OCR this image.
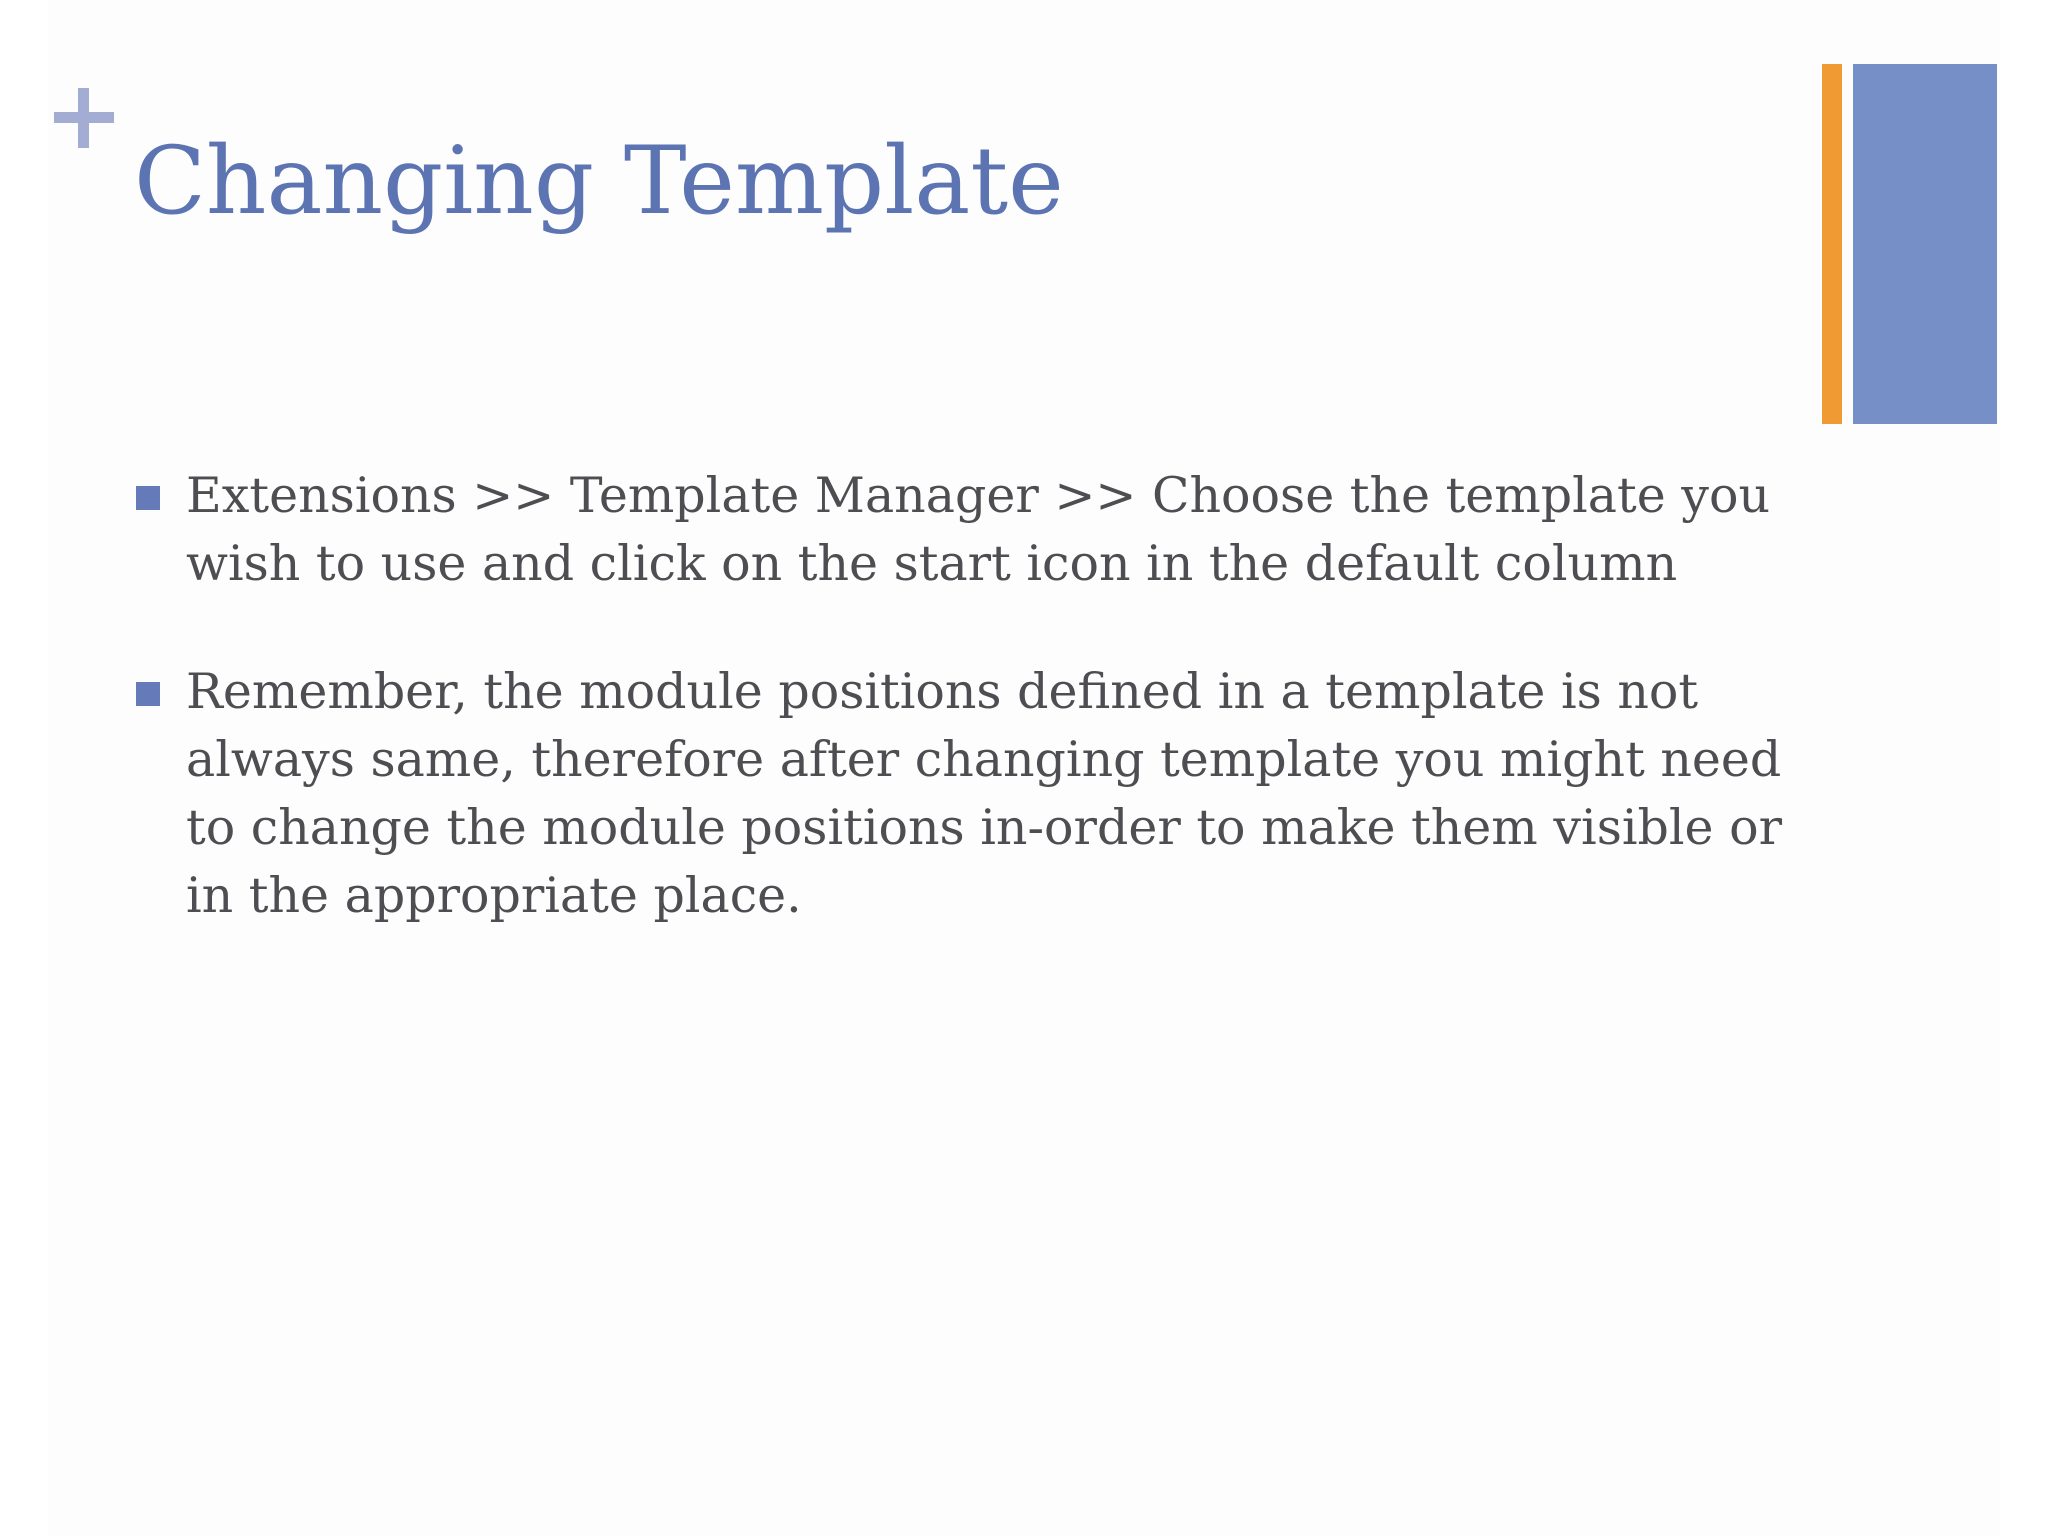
Changing Template
Extensions >> Template Manager >> Choose the template you wish to use and click on the start icon in the default column
Remember, the module positions defined in a template is not always same, therefore after changing template you might need to change the module positions in-order to make them visible or in the appropriate place.
